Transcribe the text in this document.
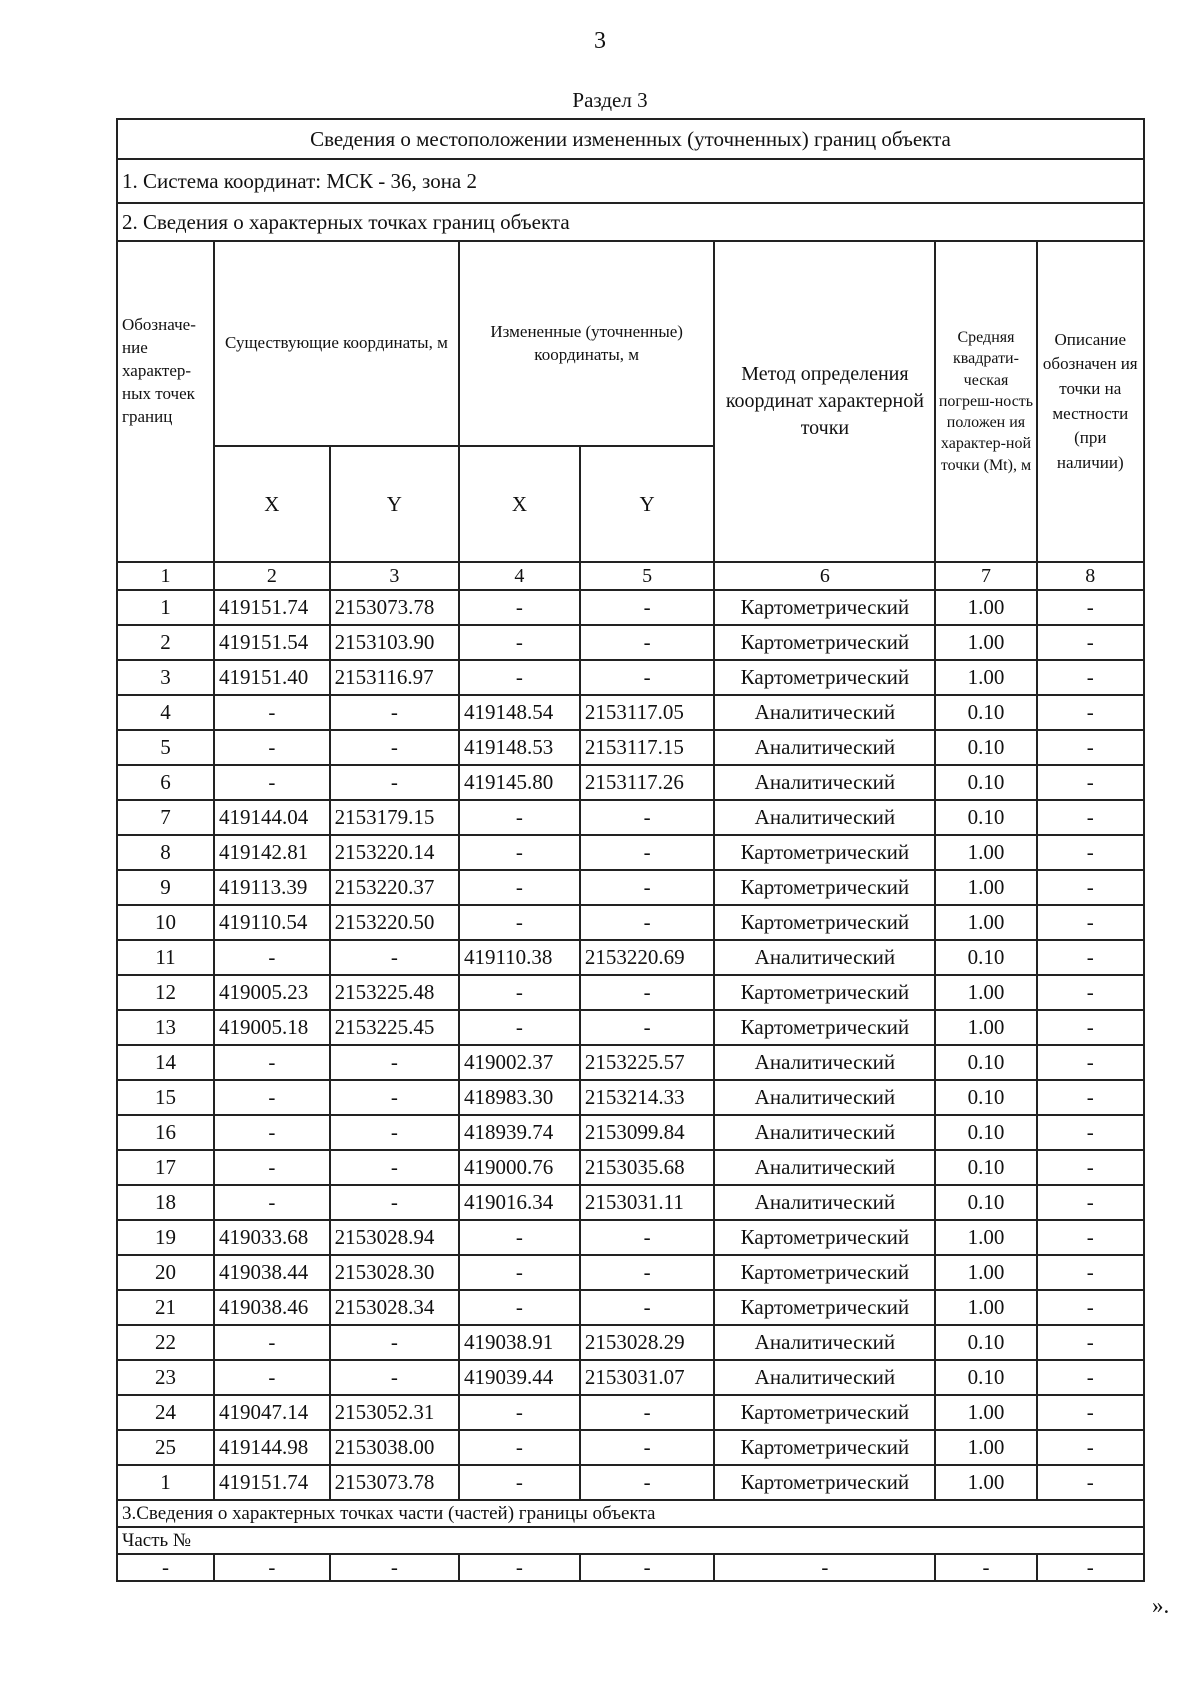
3
Раздел 3
Сведения о местоположении измененных (уточненных) границ объекта							
1. Система координат: МСК - 36, зона 2							
2. Сведения о характерных точках границ объекта							
Обозначе-ние характер-ных точек границ	Существующие координаты, м		Измененные (уточненные) координаты, м		Метод определения координат характерной точки	Средняя квадрати-ческая погреш-ность положен ия характер-ной точки (Mt), м	Описание обозначен ия точки на местности (при наличии)
	X	Y	X	Y			
1	2	3	4	5	6	7	8
1	419151.74	2153073.78	-	-	Картометрический	1.00	-
2	419151.54	2153103.90	-	-	Картометрический	1.00	-
3	419151.40	2153116.97	-	-	Картометрический	1.00	-
4	-	-	419148.54	2153117.05	Аналитический	0.10	-
5	-	-	419148.53	2153117.15	Аналитический	0.10	-
6	-	-	419145.80	2153117.26	Аналитический	0.10	-
7	419144.04	2153179.15	-	-	Аналитический	0.10	-
8	419142.81	2153220.14	-	-	Картометрический	1.00	-
9	419113.39	2153220.37	-	-	Картометрический	1.00	-
10	419110.54	2153220.50	-	-	Картометрический	1.00	-
11	-	-	419110.38	2153220.69	Аналитический	0.10	-
12	419005.23	2153225.48	-	-	Картометрический	1.00	-
13	419005.18	2153225.45	-	-	Картометрический	1.00	-
14	-	-	419002.37	2153225.57	Аналитический	0.10	-
15	-	-	418983.30	2153214.33	Аналитический	0.10	-
16	-	-	418939.74	2153099.84	Аналитический	0.10	-
17	-	-	419000.76	2153035.68	Аналитический	0.10	-
18	-	-	419016.34	2153031.11	Аналитический	0.10	-
19	419033.68	2153028.94	-	-	Картометрический	1.00	-
20	419038.44	2153028.30	-	-	Картометрический	1.00	-
21	419038.46	2153028.34	-	-	Картометрический	1.00	-
22	-	-	419038.91	2153028.29	Аналитический	0.10	-
23	-	-	419039.44	2153031.07	Аналитический	0.10	-
24	419047.14	2153052.31	-	-	Картометрический	1.00	-
25	419144.98	2153038.00	-	-	Картометрический	1.00	-
1	419151.74	2153073.78	-	-	Картометрический	1.00	-
3.Сведения о характерных точках части (частей) границы объекта							
Часть №							
-	-	-	-	-	-	-	-
».
